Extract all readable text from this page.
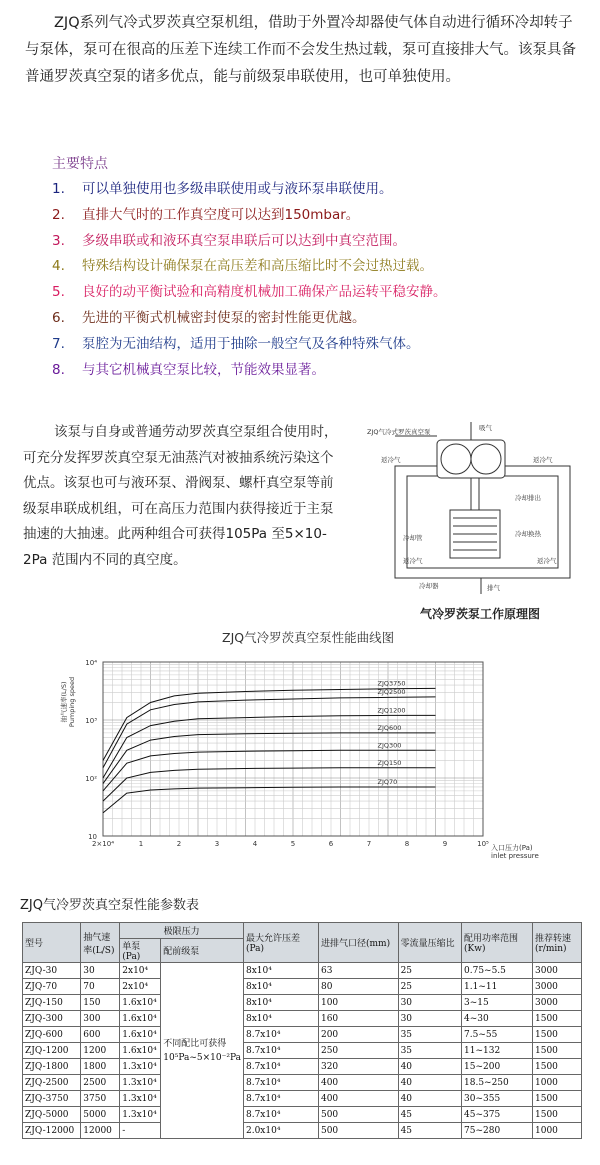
ZJQ系列气冷式罗茨真空泵机组，借助于外置冷却器使气体自动进行循环冷却转子与泵体，泵可在很高的压差下连续工作而不会发生热过载，泵可直接排大气。该泵具备普通罗茨真空泵的诸多优点，能与前级泵串联使用，也可单独使用。
主要特点
1. 可以单独使用也多级串联使用或与液环泵串联使用。
2. 直排大气时的工作真空度可以达到150mbar。
3. 多级串联或和液环真空泵串联后可以达到中真空范围。
4. 特殊结构设计确保泵在高压差和高压缩比时不会过热过载。
5. 良好的动平衡试验和高精度机械加工确保产品运转平稳安静。
6. 先进的平衡式机械密封使泵的密封性能更优越。
7. 泵腔为无油结构，适用于抽除一般空气及各种特殊气体。
8. 与其它机械真空泵比较，节能效果显著。
该泵与自身或普通劳动罗茨真空泵组合使用时，可充分发挥罗茨真空泵无油蒸汽对被抽系统污染这个优点。该泵也可与液环泵、滑阀泵、螺杆真空泵等前级泵串联成机组，可在高压力范围内获得接近于主泵抽速的大抽速。此两种组合可获得105Pa 至5×10-2Pa 范围内不同的真空度。
ZJQ气冷式罗茨真空泵	吸气
返冷气	返冷气
冷却排出
冷却换热
冷却管
返冷气
冷却器	排气
返冷气
气冷罗茨泵工作原理图
ZJQ气冷罗茨真空泵性能曲线图
10
10²
10³
10⁴
2×10⁴	1	2	3	4	5	6	7	8	9	10⁵
抽气速率(L/S) Pumping speed
入口压力(Pa)
inlet pressure
ZJQ3750
ZJQ2500
ZJQ1200
ZJQ600
ZJQ300
ZJQ150
ZJQ70
ZJQ气冷罗茨真空泵性能参数表
型号	抽气速率(L/S)	极限压力		最大允许压差(Pa)	进排气口径(mm)	零流量压缩比	配用功率范围(Kw)	推荐转速(r/min)
		单泵(Pa)	配前级泵					
ZJQ-30	30	2x10⁴	不同配比可获得10⁵Pa~5×10⁻²Pa	8x10⁴	63	25	0.75~5.5	3000
ZJQ-70	70	2x10⁴		8x10⁴	80	25	1.1~11	3000
ZJQ-150	150	1.6x10⁴		8x10⁴	100	30	3~15	3000
ZJQ-300	300	1.6x10⁴		8x10⁴	160	30	4~30	1500
ZJQ-600	600	1.6x10⁴		8.7x10⁴	200	35	7.5~55	1500
ZJQ-1200	1200	1.6x10⁴		8.7x10⁴	250	35	11~132	1500
ZJQ-1800	1800	1.3x10⁴		8.7x10⁴	320	40	15~200	1500
ZJQ-2500	2500	1.3x10⁴		8.7x10⁴	400	40	18.5~250	1000
ZJQ-3750	3750	1.3x10⁴		8.7x10⁴	400	40	30~355	1500
ZJQ-5000	5000	1.3x10⁴		8.7x10⁴	500	45	45~375	1500
ZJQ-12000	12000	-		2.0x10⁴	500	45	75~280	1000
